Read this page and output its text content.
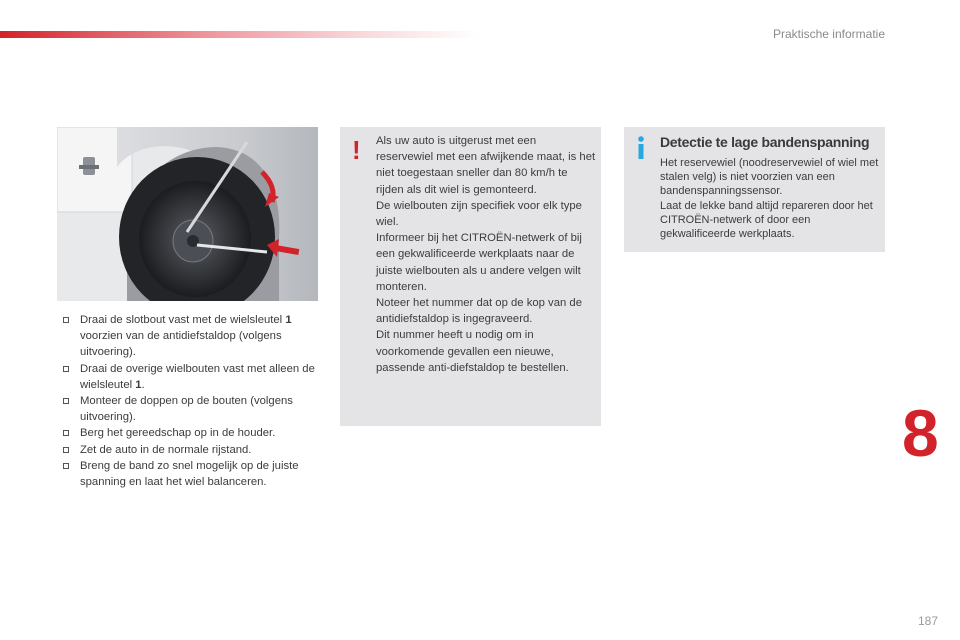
Praktische informatie
Draai de slotbout vast met de wielsleutel 1 voorzien van de antidiefstaldop (volgens uitvoering).
Draai de overige wielbouten vast met alleen de wielsleutel 1.
Monteer de doppen op de bouten (volgens uitvoering).
Berg het gereedschap op in de houder.
Zet de auto in de normale rijstand.
Breng de band zo snel mogelijk op de juiste spanning en laat het wiel balanceren.
! Als uw auto is uitgerust met een reservewiel met een afwijkende maat, is het niet toegestaan sneller dan 80 km/h te rijden als dit wiel is gemonteerd.

De wielbouten zijn specifiek voor elk type wiel.

Informeer bij het CITROËN-netwerk of bij een gekwalificeerde werkplaats naar de juiste wielbouten als u andere velgen wilt monteren.

Noteer het nummer dat op de kop van de antidiefstaldop is ingegraveerd.

Dit nummer heeft u nodig om in voorkomende gevallen een nieuwe, passende anti-diefstaldop te bestellen.

Detectie te lage bandenspanning

Het reservewiel (noodreservewiel of wiel met stalen velg) is niet voorzien van een bandenspanningssensor.

Laat de lekke band altijd repareren door het CITROËN-netwerk of door een gekwalificeerde werkplaats.

8
187
